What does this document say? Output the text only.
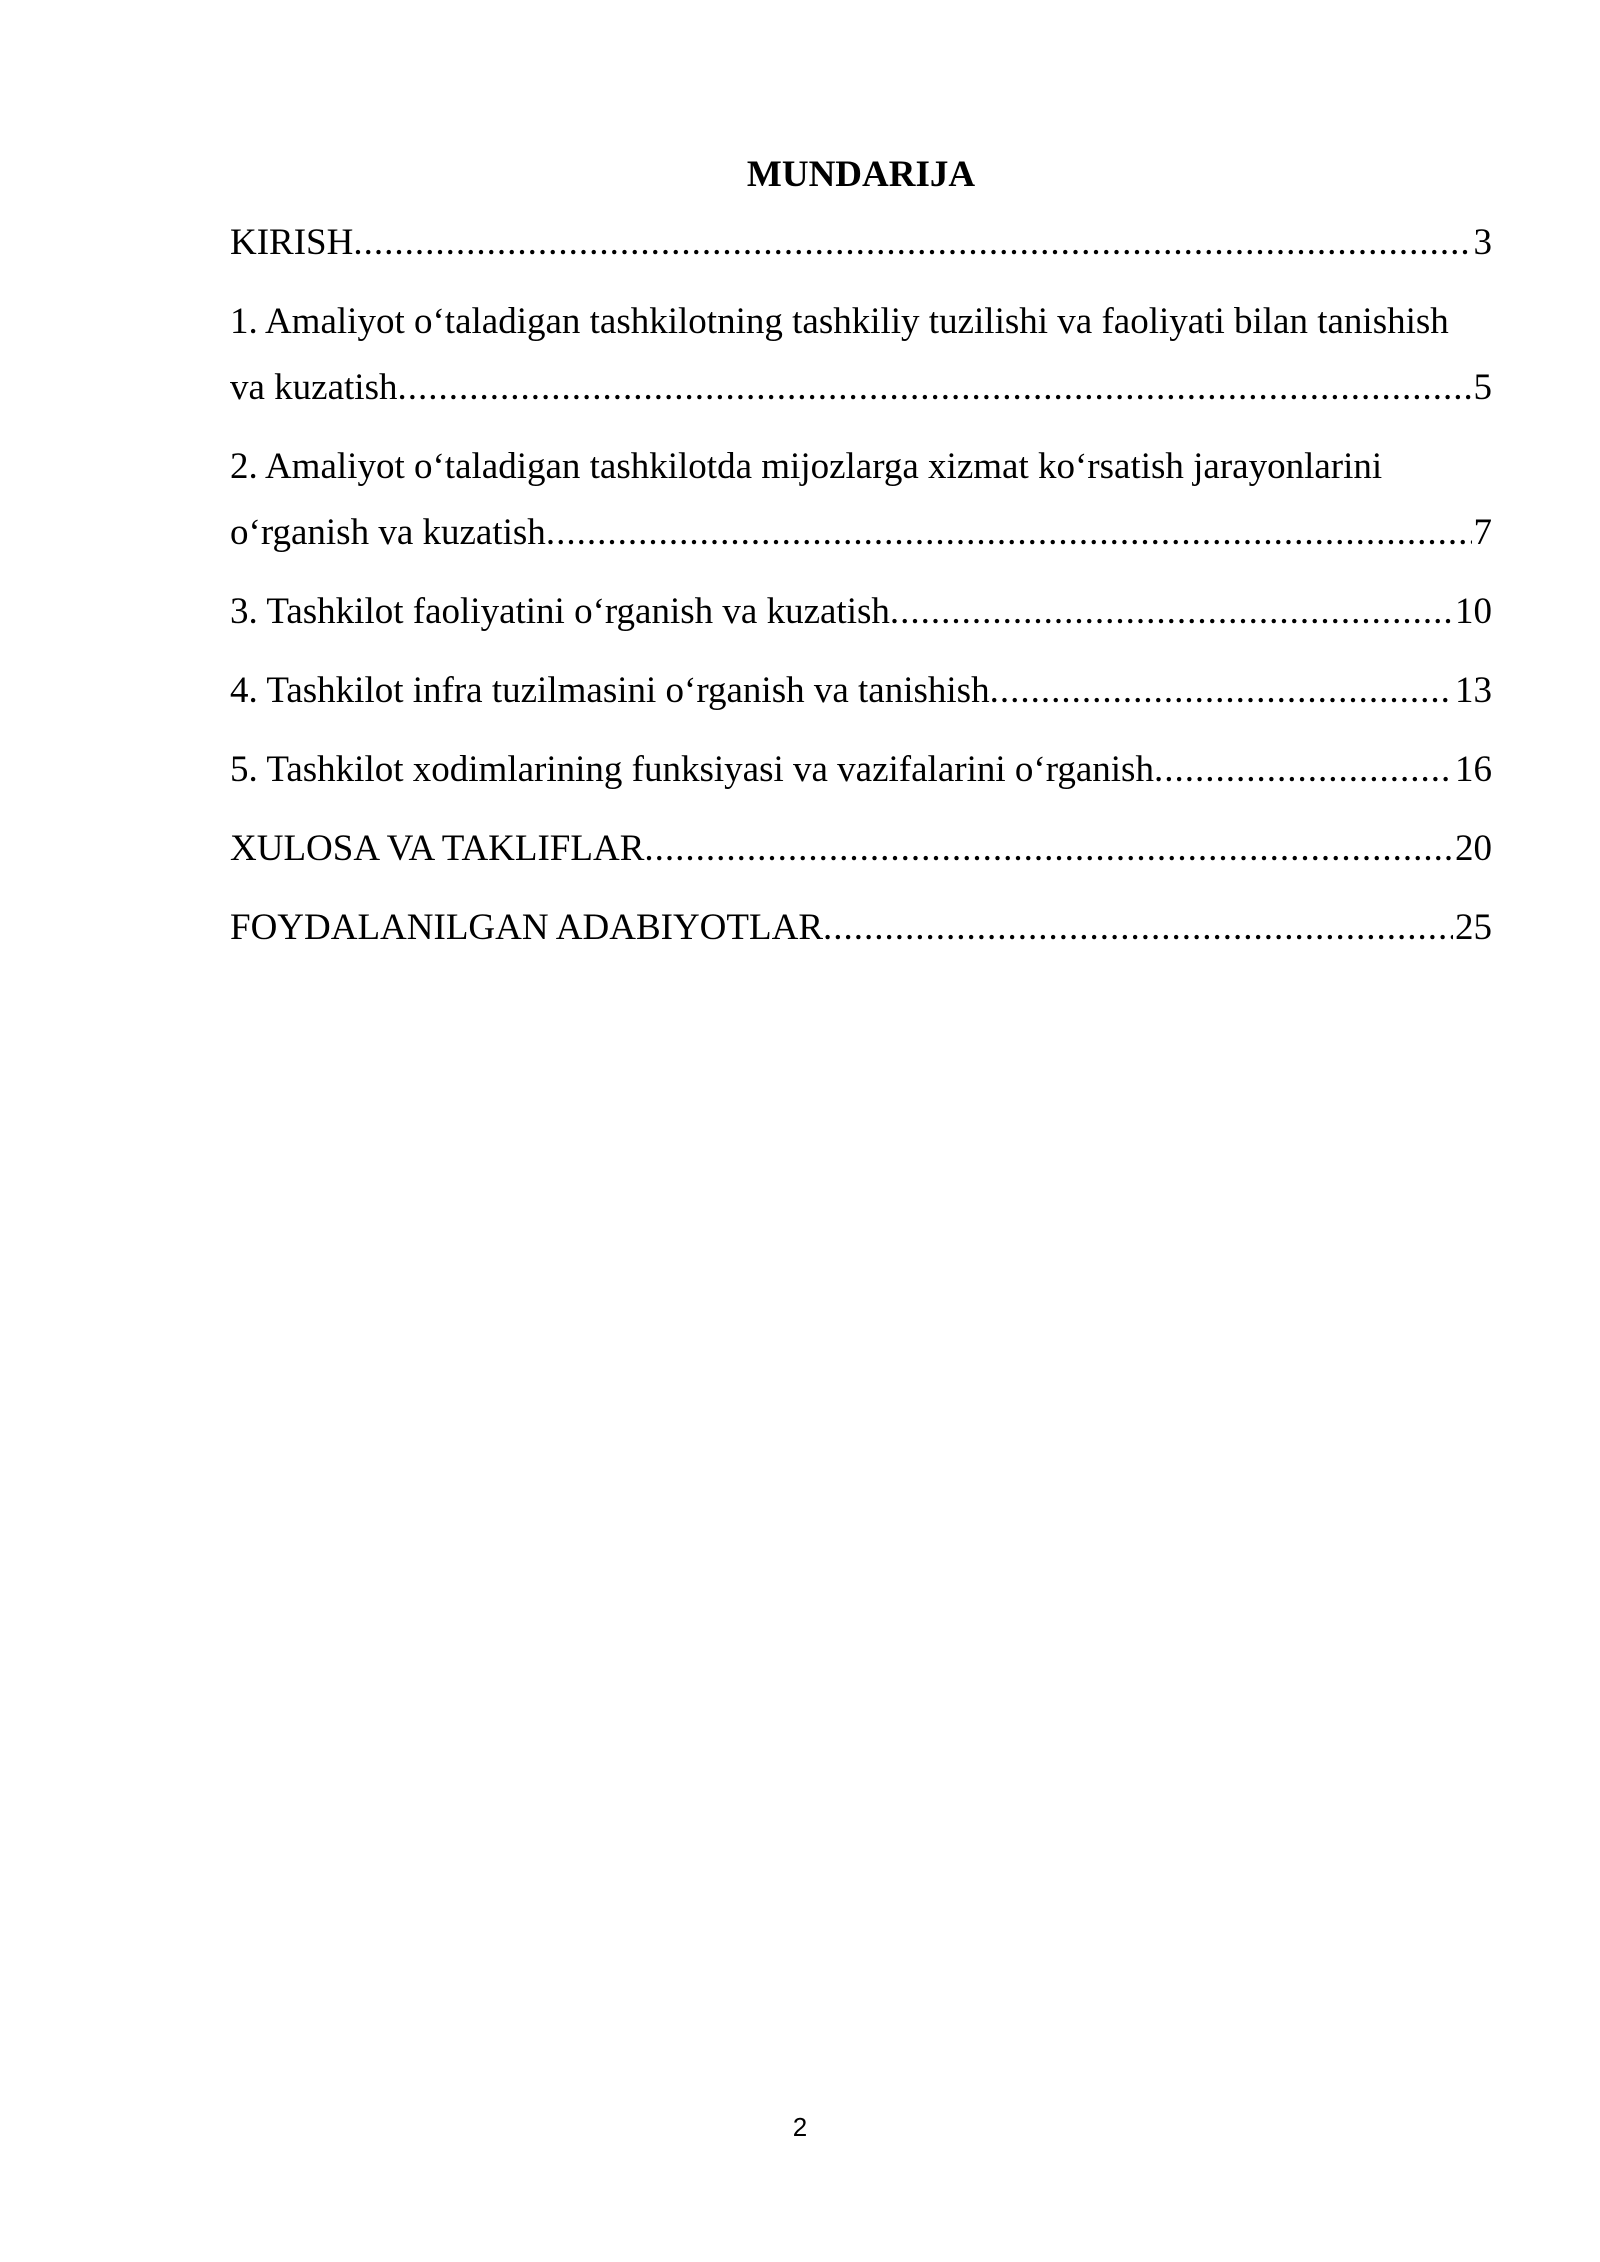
MUNDARIJA
KIRISH .....	3
1. Amaliyot o‘taladigan tashkilotning tashkiliy tuzilishi va faoliyati bilan tanishish
va kuzatish .....	5
2. Amaliyot o‘taladigan tashkilotda mijozlarga xizmat ko‘rsatish jarayonlarini
o‘rganish va kuzatish .....	7
3. Tashkilot faoliyatini o‘rganish va kuzatish .....	10
4. Tashkilot infra tuzilmasini o‘rganish va tanishish .....	13
5. Tashkilot xodimlarining funksiyasi va vazifalarini o‘rganish .....	16
XULOSA VA TAKLIFLAR .....	20
FOYDALANILGAN ADABIYOTLAR .....	25
2
